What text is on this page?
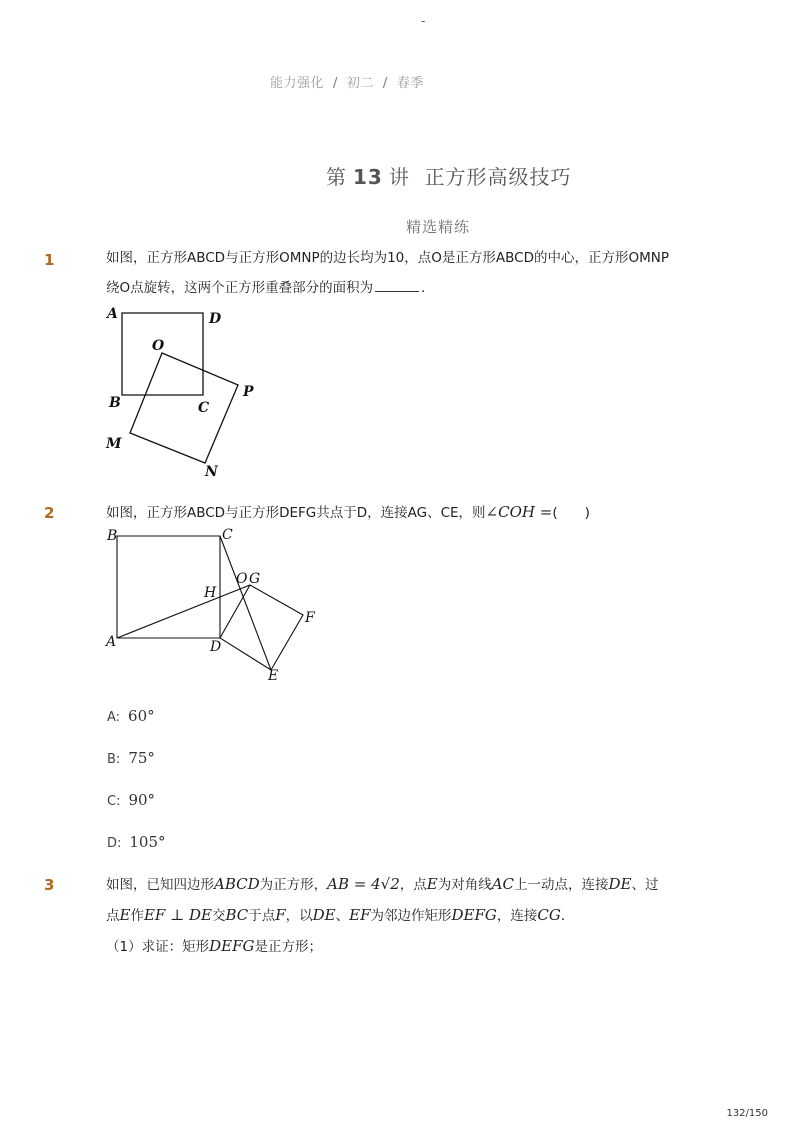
-
能力强化 / 初二 / 春季
第 13 讲 正方形高级技巧
精选精练
1	如图，正方形ABCD与正方形OMNP的边长均为10，点O是正方形ABCD的中心，正方形OMNP
绕O点旋转，这两个正方形重叠部分的面积为	．
A	D
O
B	C
P
M
N
2	如图，正方形ABCD与正方形DEFG共点于D，连接AG、CE，则∠COH =(　　)
B	C
O G
H
F
A	D
E
A: 60°
B: 75°
C: 90°
D: 105°
3	如图，已知四边形ABCD为正方形，AB = 4√2，点E为对角线AC上一动点，连接DE、过
点E作EF ⊥ DE交BC于点F，以DE、EF为邻边作矩形DEFG，连接CG．
（1）求证：矩形DEFG是正方形；
132/150
